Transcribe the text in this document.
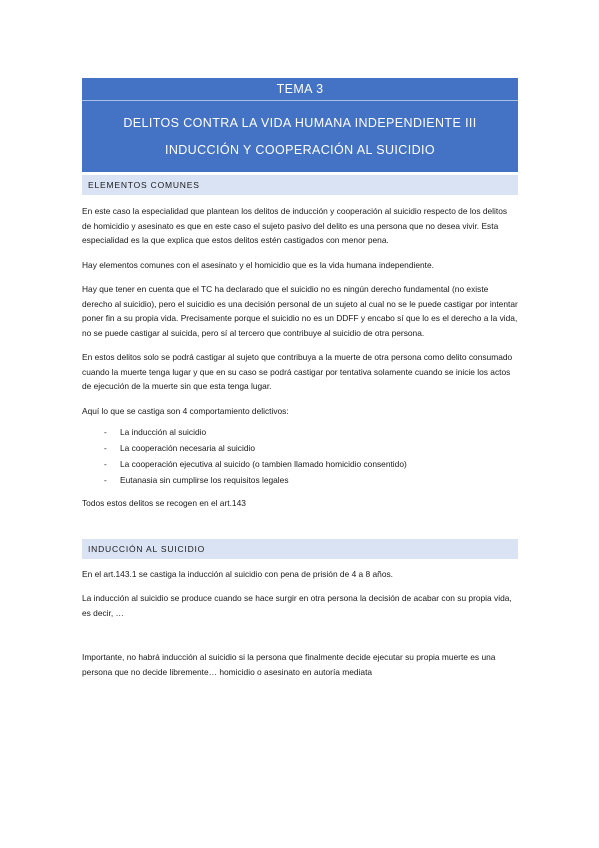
TEMA 3
DELITOS CONTRA LA VIDA HUMANA INDEPENDIENTE III
INDUCCIÓN Y COOPERACIÓN AL SUICIDIO
ELEMENTOS COMUNES

En este caso la especialidad que plantean los delitos de inducción y cooperación al suicidio respecto de los delitos de homicidio y asesinato es que en este caso el sujeto pasivo del delito es una persona que no desea vivir. Esta especialidad es la que explica que estos delitos estén castigados con menor pena.

Hay elementos comunes con el asesinato y el homicidio que es la vida humana independiente.

Hay que tener en cuenta que el TC ha declarado que el suicidio no es ningún derecho fundamental (no existe derecho al suicidio), pero el suicidio es una decisión personal de un sujeto al cual no se le puede castigar por intentar poner fin a su propia vida. Precisamente porque el suicidio no es un DDFF y encabo sí que lo es el derecho a la vida, no se puede castigar al suicida, pero sí al tercero que contribuye al suicidio de otra persona.

En estos delitos solo se podrá castigar al sujeto que contribuya a la muerte de otra persona como delito consumado cuando la muerte tenga lugar y que en su caso se podrá castigar por tentativa solamente cuando se inicie los actos de ejecución de la muerte sin que esta tenga lugar.

Aquí lo que se castiga son 4 comportamiento delictivos:

- La inducción al suicidio
- La cooperación necesaria al suicidio
- La cooperación ejecutiva al suicido (o tambien llamado homicidio consentido)
- Eutanasia sin cumplirse los requisitos legales

Todos estos delitos se recogen en el art.143

INDUCCIÓN AL SUICIDIO

En el art.143.1 se castiga la inducción al suicidio con pena de prisión de 4 a 8 años.

La inducción al suicidio se produce cuando se hace surgir en otra persona la decisión de acabar con su propia vida, es decir, …

Importante, no habrá inducción al suicidio si la persona que finalmente decide ejecutar su propia muerte es una persona que no decide libremente… homicidio o asesinato en autoría mediata
